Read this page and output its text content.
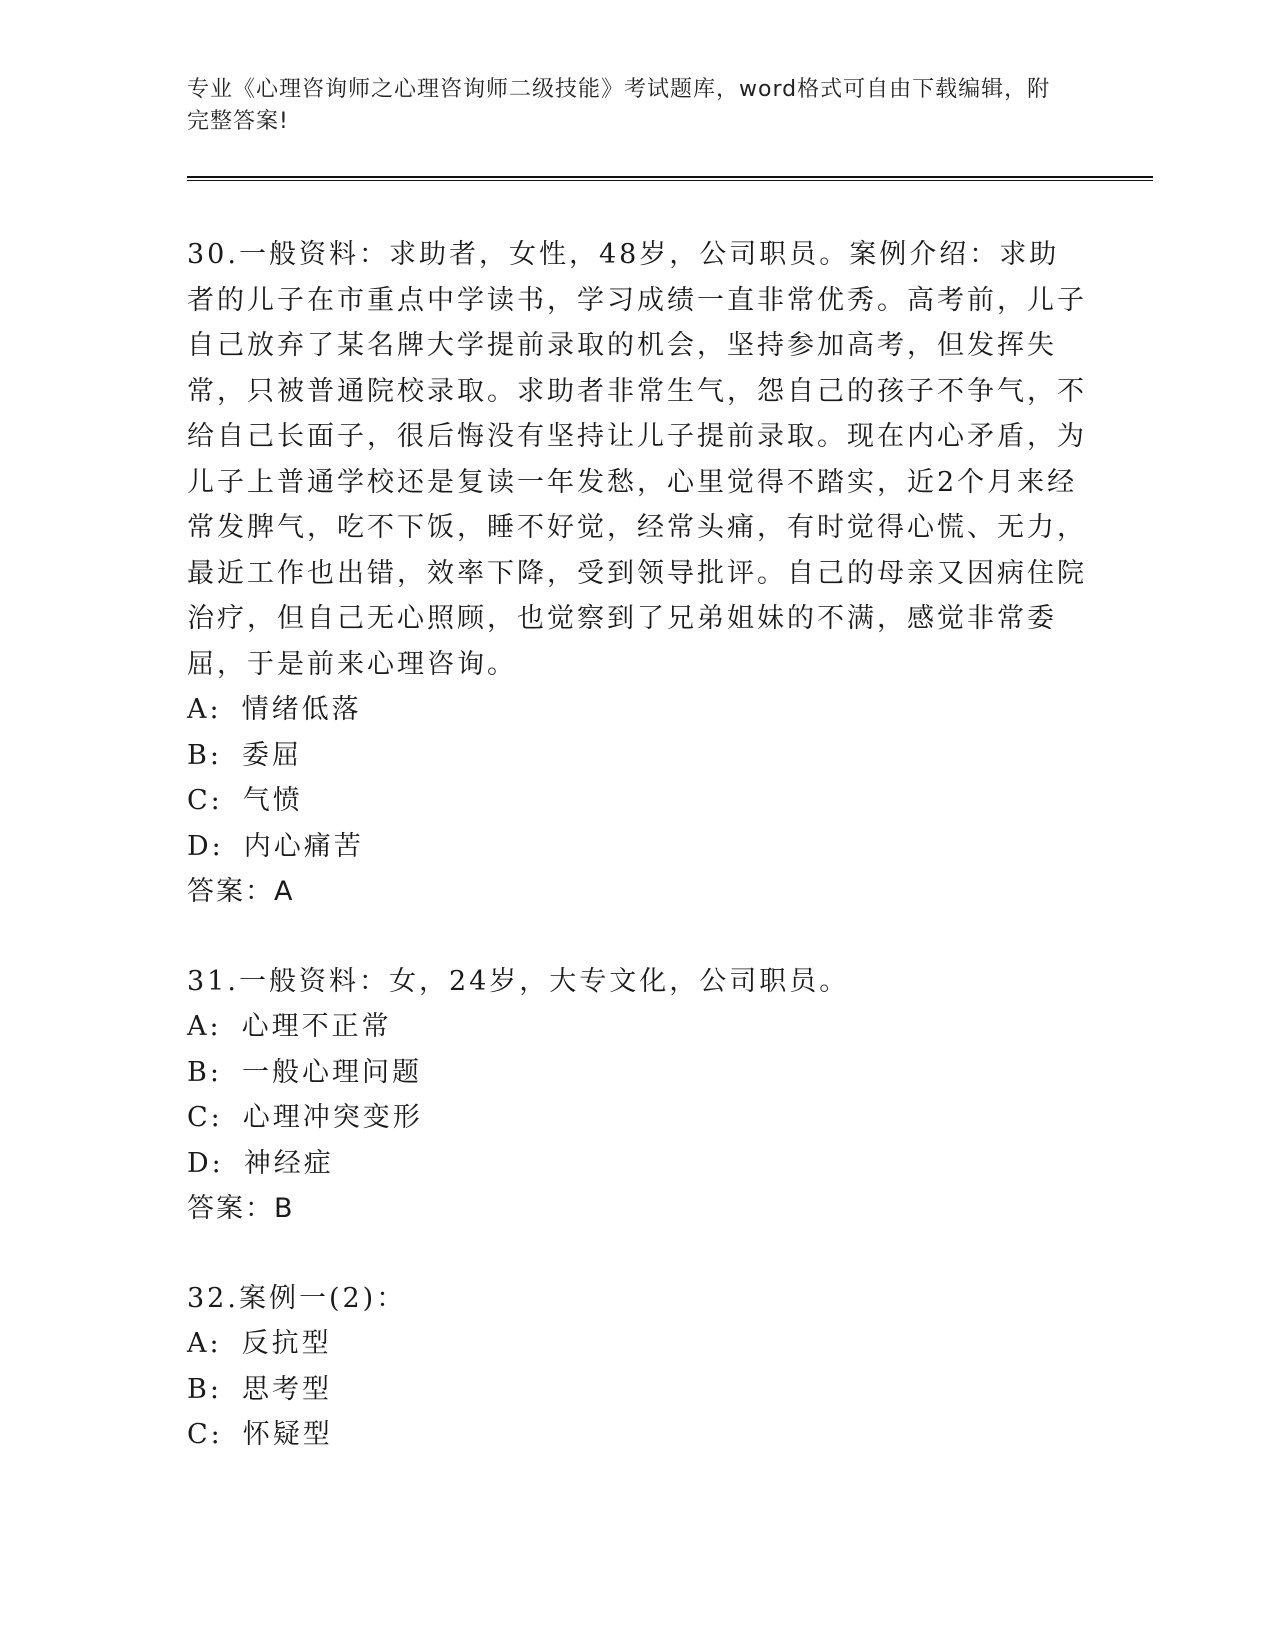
专业《心理咨询师之心理咨询师二级技能》考试题库，word格式可自由下载编辑，附完整答案!
30.一般资料：求助者，女性，48岁，公司职员。案例介绍：求助者的儿子在市重点中学读书，学习成绩一直非常优秀。高考前，儿子自己放弃了某名牌大学提前录取的机会，坚持参加高考，但发挥失常，只被普通院校录取。求助者非常生气，怨自己的孩子不争气，不给自己长面子，很后悔没有坚持让儿子提前录取。现在内心矛盾，为儿子上普通学校还是复读一年发愁，心里觉得不踏实，近2个月来经常发脾气，吃不下饭，睡不好觉，经常头痛，有时觉得心慌、无力，最近工作也出错，效率下降，受到领导批评。自己的母亲又因病住院治疗，但自己无心照顾，也觉察到了兄弟姐妹的不满，感觉非常委屈，于是前来心理咨询。
A: 情绪低落
B: 委屈
C: 气愤
D: 内心痛苦
答案：A
31.一般资料：女，24岁，大专文化，公司职员。
A: 心理不正常
B: 一般心理问题
C: 心理冲突变形
D: 神经症
答案：B
32.案例一(2)：
A: 反抗型
B: 思考型
C: 怀疑型
